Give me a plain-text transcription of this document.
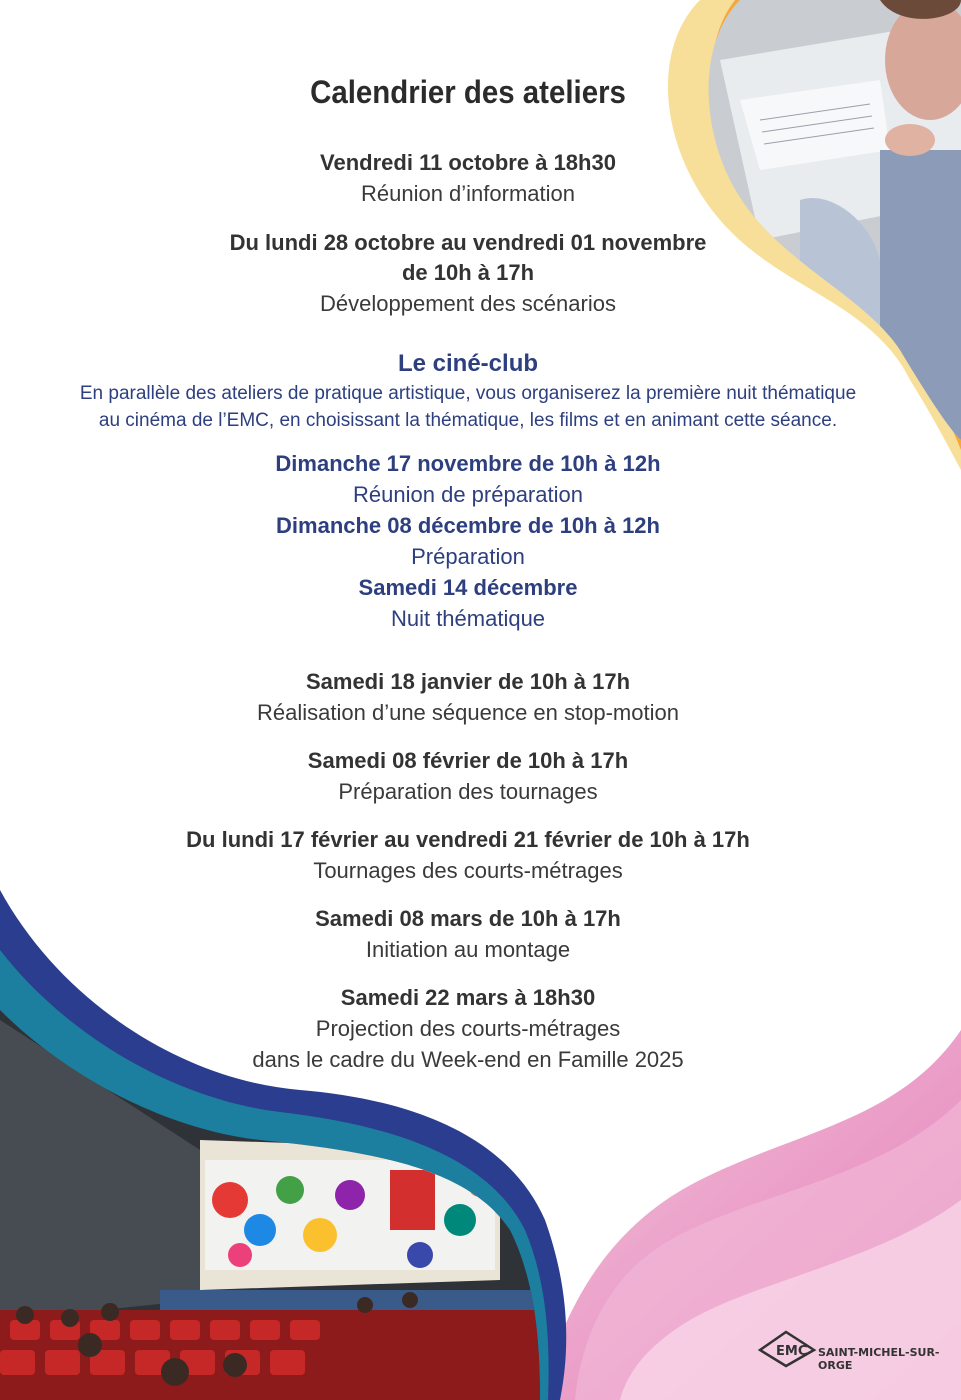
Calendrier des ateliers
Vendredi 11 octobre à 18h30
Réunion d’information
Du lundi 28 octobre au vendredi 01 novembre
de 10h à 17h
Développement des scénarios
Le ciné-club
En parallèle des ateliers de pratique artistique, vous organiserez la première nuit thématique
au cinéma de l’EMC, en choisissant la thématique, les films et en animant cette séance.
Dimanche 17 novembre de 10h à 12h
Réunion de préparation
Dimanche 08 décembre de 10h à 12h
Préparation
Samedi 14 décembre
Nuit thématique
Samedi 18 janvier de 10h à 17h
Réalisation d’une séquence en stop-motion
Samedi 08 février de 10h à 17h
Préparation des tournages
Du lundi 17 février au vendredi 21 février de 10h à 17h
Tournages des courts-métrages
Samedi 08 mars de 10h à 17h
Initiation au montage
Samedi 22 mars à 18h30
Projection des courts-métrages
dans le cadre du Week-end en Famille 2025
EMC SAINT-MICHEL-SUR-ORGE
